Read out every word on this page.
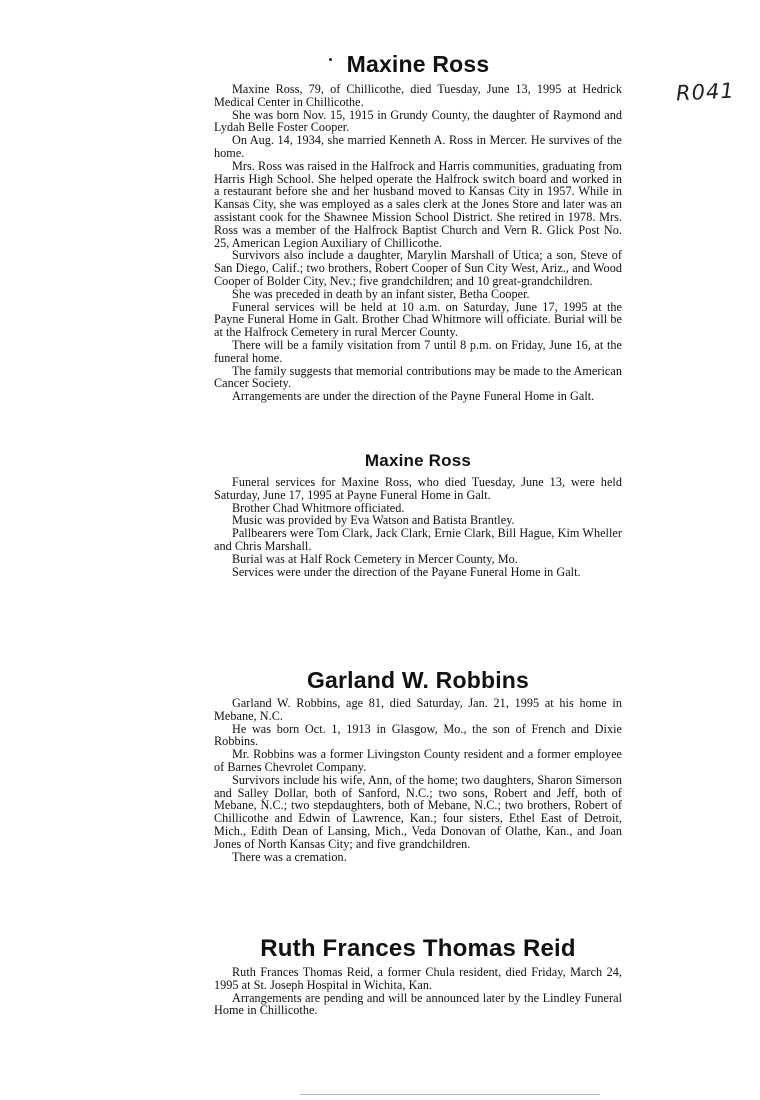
R041
Maxine Ross

Maxine Ross, 79, of Chillicothe, died Tuesday, June 13, 1995 at Hedrick Medical Center in Chillicothe.

She was born Nov. 15, 1915 in Grundy County, the daughter of Raymond and Lydah Belle Foster Cooper.

On Aug. 14, 1934, she married Kenneth A. Ross in Mercer. He survives of the home.

Mrs. Ross was raised in the Halfrock and Harris communities, graduating from Harris High School. She helped operate the Halfrock switch board and worked in a restaurant before she and her husband moved to Kansas City in 1957. While in Kansas City, she was employed as a sales clerk at the Jones Store and later was an assistant cook for the Shawnee Mission School District. She retired in 1978. Mrs. Ross was a member of the Halfrock Baptist Church and Vern R. Glick Post No. 25, American Legion Auxiliary of Chillicothe.

Survivors also include a daughter, Marylin Marshall of Utica; a son, Steve of San Diego, Calif.; two brothers, Robert Cooper of Sun City West, Ariz., and Wood Cooper of Bolder City, Nev.; five grandchildren; and 10 great-grandchildren.

She was preceded in death by an infant sister, Betha Cooper.

Funeral services will be held at 10 a.m. on Saturday, June 17, 1995 at the Payne Funeral Home in Galt. Brother Chad Whitmore will officiate. Burial will be at the Halfrock Cemetery in rural Mercer County.

There will be a family visitation from 7 until 8 p.m. on Friday, June 16, at the funeral home.

The family suggests that memorial contributions may be made to the American Cancer Society.

Arrangements are under the direction of the Payne Funeral Home in Galt.

Maxine Ross

Funeral services for Maxine Ross, who died Tuesday, June 13, were held Saturday, June 17, 1995 at Payne Funeral Home in Galt.

Brother Chad Whitmore officiated.

Music was provided by Eva Watson and Batista Brantley.

Pallbearers were Tom Clark, Jack Clark, Ernie Clark, Bill Hague, Kim Wheller and Chris Marshall.

Burial was at Half Rock Cemetery in Mercer County, Mo.

Services were under the direction of the Payane Funeral Home in Galt.

Garland W. Robbins

Garland W. Robbins, age 81, died Saturday, Jan. 21, 1995 at his home in Mebane, N.C.

He was born Oct. 1, 1913 in Glasgow, Mo., the son of French and Dixie Robbins.

Mr. Robbins was a former Livingston County resident and a former employee of Barnes Chevrolet Company.

Survivors include his wife, Ann, of the home; two daughters, Sharon Simerson and Salley Dollar, both of Sanford, N.C.; two sons, Robert and Jeff, both of Mebane, N.C.; two stepdaughters, both of Mebane, N.C.; two brothers, Robert of Chillicothe and Edwin of Lawrence, Kan.; four sisters, Ethel East of Detroit, Mich., Edith Dean of Lansing, Mich., Veda Donovan of Olathe, Kan., and Joan Jones of North Kansas City; and five grandchildren.

There was a cremation.

Ruth Frances Thomas Reid

Ruth Frances Thomas Reid, a former Chula resident, died Friday, March 24, 1995 at St. Joseph Hospital in Wichita, Kan.

Arrangements are pending and will be announced later by the Lindley Funeral Home in Chillicothe.
